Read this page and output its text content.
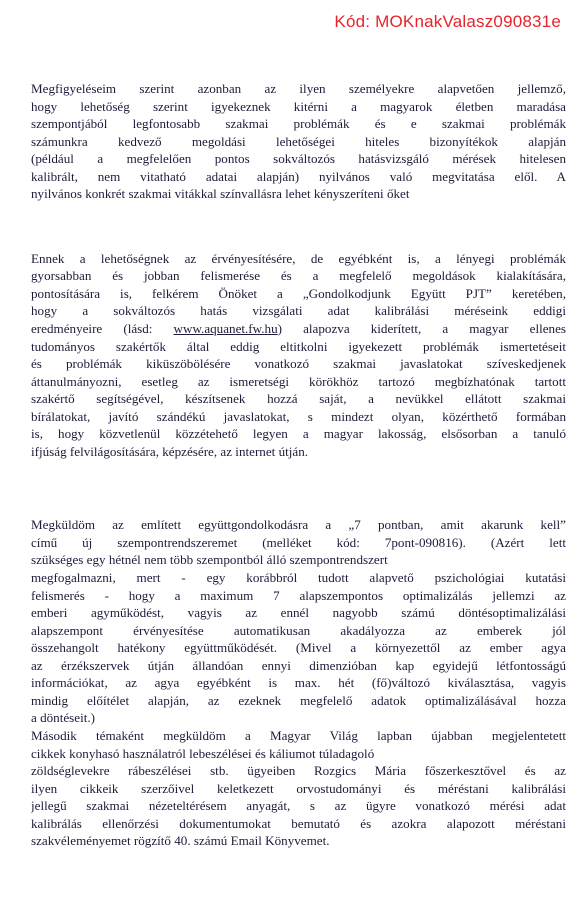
Kód: MOKnakValasz090831e
Megfigyeléseim szerint azonban az ilyen személyekre alapvetően jellemző,
hogy lehetőség szerint igyekeznek kitérni a magyarok életben maradása
szempontjából legfontosabb szakmai problémák és e szakmai problémák
számunkra kedvező megoldási lehetőségei hiteles bizonyítékok alapján
(például a megfelelően pontos sokváltozós hatásvizsgáló mérések hitelesen
kalibrált, nem vitatható adatai alapján) nyilvános való megvitatása elől. A
nyilvános konkrét szakmai vitákkal színvallásra lehet kényszeríteni őket
Ennek a lehetőségnek az érvényesítésére, de egyébként is, a lényegi problémák
gyorsabban és jobban felismerése és a megfelelő megoldások kialakítására,
pontosítására is, felkérem Önöket a „Gondolkodjunk Együtt PJT” keretében,
hogy a sokváltozós hatás vizsgálati adat kalibrálási méréseink eddigi
eredményeire (lásd: www.aquanet.fw.hu) alapozva kiderített, a magyar ellenes
tudományos szakértők által eddig eltitkolni igyekezett problémák ismertetéseit
és problémák kiküszöbölésére vonatkozó szakmai javaslatokat szíveskedjenek
áttanulmányozni, esetleg az ismeretségi körökhöz tartozó megbízhatónak tartott
szakértő segítségével, készítsenek hozzá saját, a nevükkel ellátott szakmai
bírálatokat, javító szándékú javaslatokat, s mindezt olyan, közérthető formában
is, hogy közvetlenül közzétehető legyen a magyar lakosság, elsősorban a tanuló
ifjúság felvilágosítására, képzésére, az internet útján.
Megküldöm az említett együttgondolkodásra a „7 pontban, amit akarunk kell”
című új szempontrendszeremet (melléket kód: 7pont-090816). (Azért lett
szükséges egy hétnél nem több szempontból álló szempontrendszert
megfogalmazni, mert - egy korábbról tudott alapvető pszichológiai kutatási
felismerés - hogy a maximum 7 alapszempontos optimalizálás jellemzi az
emberi agyműködést, vagyis az ennél nagyobb számú döntésoptimalizálási
alapszempont érvényesítése automatikusan akadályozza az emberek jól
összehangolt hatékony együttműködését. (Mivel a környezettől az ember agya
az érzékszervek útján állandóan ennyi dimenzióban kap egyidejű létfontosságú
információkat, az agya egyébként is max. hét (fő)változó kiválasztása, vagyis
mindig előítélet alapján, az ezeknek megfelelő adatok optimalizálásával hozza
a döntéseit.)
Második témaként megküldöm a Magyar Világ lapban újabban megjelentetett
cikkek konyhasó használatról lebeszélései és káliumot túladagoló
zöldséglevekre rábeszélései stb. ügyeiben Rozgics Mária főszerkesztővel és az
ilyen cikkeik szerzőivel keletkezett orvostudományi és méréstani kalibrálási
jellegű szakmai nézeteltérésem anyagát, s az ügyre vonatkozó mérési adat
kalibrálás ellenőrzési dokumentumokat bemutató és azokra alapozott méréstani
szakvéleményemet rögzítő 40. számú Email Könyvemet.
